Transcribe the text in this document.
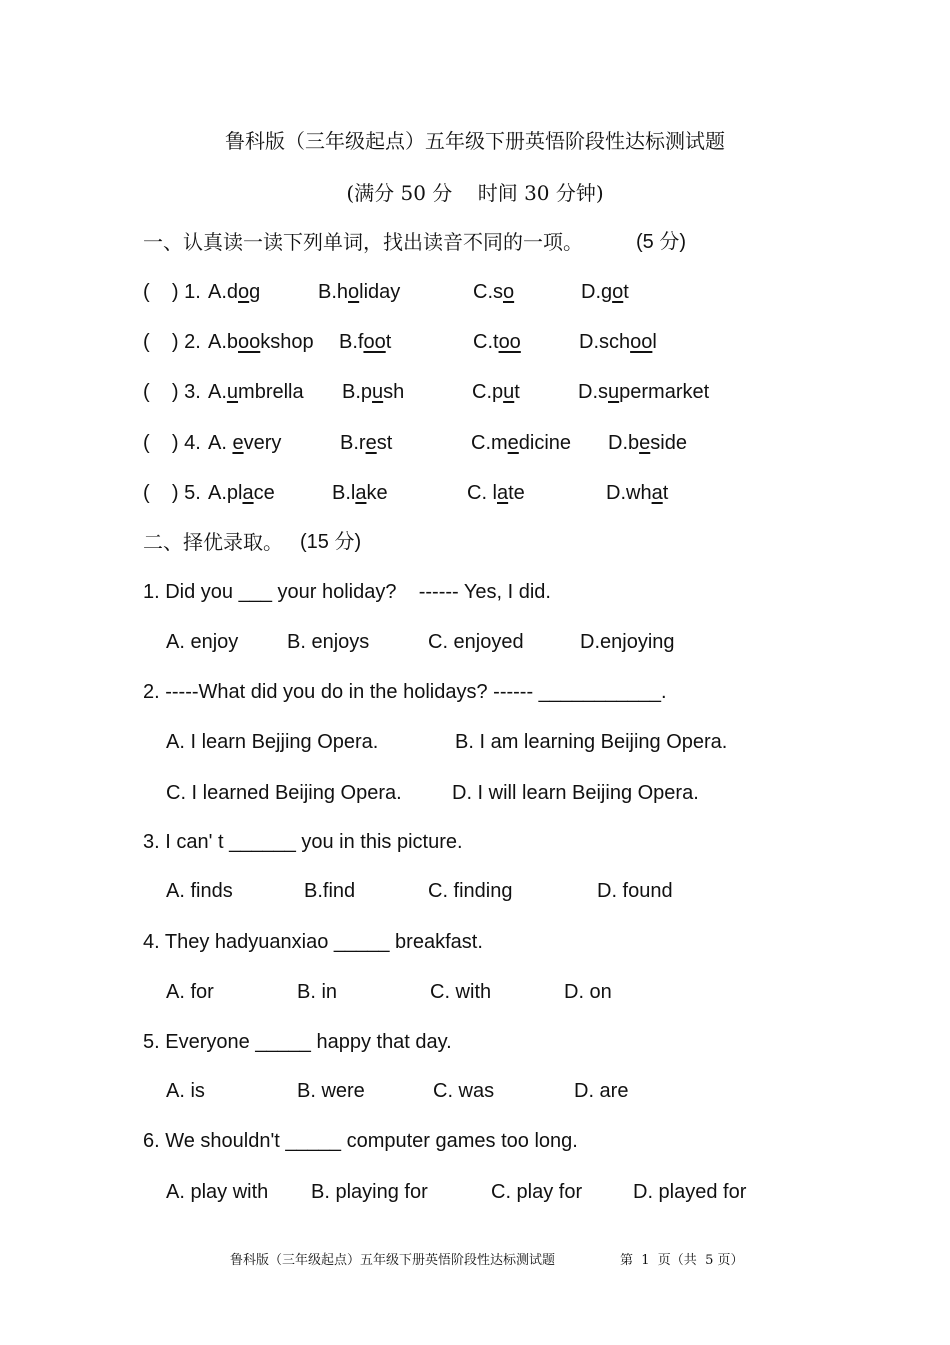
鲁科版（三年级起点）五年级下册英悟阶段性达标测试题
(满分 50 分    时间 30 分钟)
一、认真读一读下列单词，找出读音不同的一项。	(5 分)
(    ) 1. A.dog	B.holiday	C.so	D.got
(    ) 2. A.bookshop B.foot	C.too	D.school
(    ) 3. A.umbrella B.push	C.put	D.supermarket
(    ) 4. A. every	B.rest	C.medicine D.beside
(    ) 5. A.place	B.lake	C. late	D.what
二、择优录取。 (15 分)
1. Did you ___ your holiday?    ------ Yes, I did.
A. enjoy B. enjoys	C. enjoyed	D.enjoying
2. -----What did you do in the holidays? ------ ___________.
A. I learn Bejjing Opera.	B. I am learning Beijing Opera.
C. I learned Beijing Opera.	D. I will learn Beijing Opera.
3. I can' t ______ you in this picture.
A. finds	B.find	C. finding	D. found
4. They hadyuanxiao _____ breakfast.
A. for	B. in	C. with	D. on
5. Everyone _____ happy that day.
A. is	B. were	C. was	D. are
6. We shouldn't _____ computer games too long.
A. play with B. playing for	C. play for	D. played for
鲁科版（三年级起点）五年级下册英悟阶段性达标测试题	第  1  页（共  5 页）
